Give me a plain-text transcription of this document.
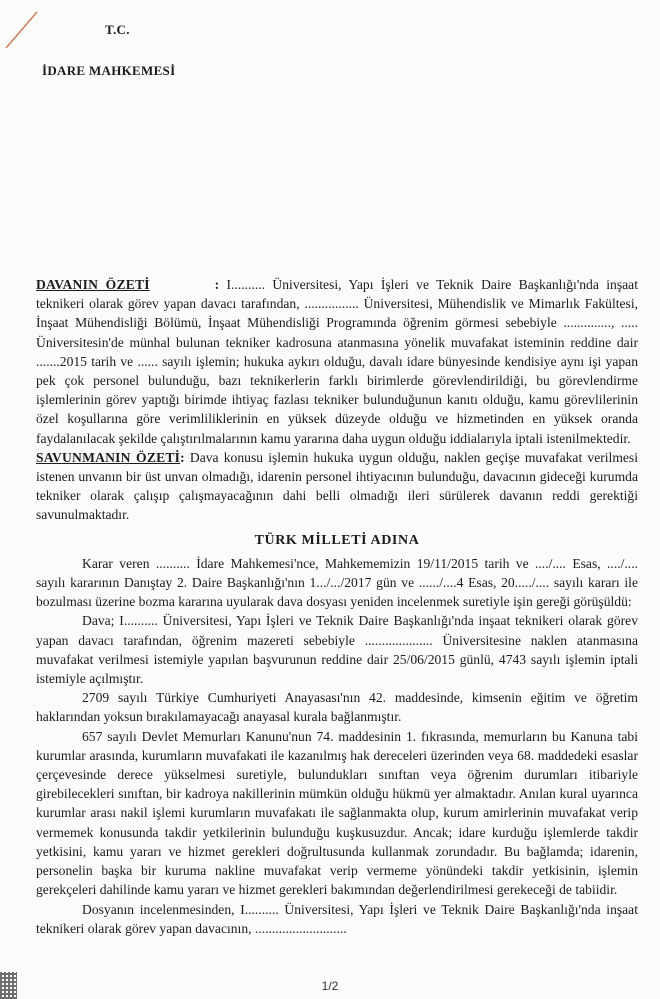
T.C.
İDARE MAHKEMESİ

DAVANIN ÖZETİ	: I.......... Üniversitesi, Yapı İşleri ve Teknik Daire Başkanlığı'nda inşaat teknikeri olarak görev yapan davacı tarafından, ................ Üniversitesi, Mühendislik ve Mimarlık Fakültesi, İnşaat Mühendisliği Bölümü, İnşaat Mühendisliği Programında öğrenim görmesi sebebiyle .............., ..... Üniversitesin'de münhal bulunan tekniker kadrosuna atanmasına yönelik muvafakat isteminin reddine dair .......2015 tarih ve ...... sayılı işlemin; hukuka aykırı olduğu, davalı idare bünyesinde kendisiye aynı işi yapan pek çok personel bulunduğu, bazı teknikerlerin farklı birimlerde görevlendirildiği, bu görevlendirme işlemlerinin görev yaptığı birimde ihtiyaç fazlası tekniker bulunduğunun kanıtı olduğu, kamu görevlilerinin özel koşullarına göre verimliliklerinin en yüksek düzeyde olduğu ve hizmetinden en yüksek oranda faydalanılacak şekilde çalıştırılmalarının kamu yararına daha uygun olduğu iddialarıyla iptali istenilmektedir.

SAVUNMANIN ÖZETİ: Dava konusu işlemin hukuka uygun olduğu, naklen geçişe muvafakat verilmesi istenen unvanın bir üst unvan olmadığı, idarenin personel ihtiyacının bulunduğu, davacının gideceği kurumda tekniker olarak çalışıp çalışmayacağının dahi belli olmadığı ileri sürülerek davanın reddi gerektiği savunulmaktadır.

TÜRK MİLLETİ ADINA

Karar veren .......... İdare Mahkemesi'nce, Mahkememizin 19/11/2015 tarih ve ..../.... Esas, ..../.... sayılı kararının Danıştay 2. Daire Başkanlığı'nın 1.../.../2017 gün ve ....../....4 Esas, 20...../.... sayılı kararı ile bozulması üzerine bozma kararına uyularak dava dosyası yeniden incelenmek suretiyle işin gereği görüşüldü:

Dava; I.......... Üniversitesi, Yapı İşleri ve Teknik Daire Başkanlığı'nda inşaat teknikeri olarak görev yapan davacı tarafından, öğrenim mazereti sebebiyle .................... Üniversitesine naklen atanmasına muvafakat verilmesi istemiyle yapılan başvurunun reddine dair 25/06/2015 günlü, 4743 sayılı işlemin iptali istemiyle açılmıştır.

2709 sayılı Türkiye Cumhuriyeti Anayasası'nın 42. maddesinde, kimsenin eğitim ve öğretim haklarından yoksun bırakılamayacağı anayasal kurala bağlanmıştır.

657 sayılı Devlet Memurları Kanunu'nun 74. maddesinin 1. fıkrasında, memurların bu Kanuna tabi kurumlar arasında, kurumların muvafakati ile kazanılmış hak dereceleri üzerinden veya 68. maddedeki esaslar çerçevesinde derece yükselmesi suretiyle, bulundukları sınıftan veya öğrenim durumları itibariyle girebilecekleri sınıftan, bir kadroya nakillerinin mümkün olduğu hükmü yer almaktadır. Anılan kural uyarınca kurumlar arası nakil işlemi kurumların muvafakatı ile sağlanmakta olup, kurum amirlerinin muvafakat verip vermemek konusunda takdir yetkilerinin bulunduğu kuşkusuzdur. Ancak; idare kurduğu işlemlerde takdir yetkisini, kamu yararı ve hizmet gerekleri doğrultusunda kullanmak zorundadır. Bu bağlamda; idarenin, personelin başka bir kuruma nakline muvafakat verip vermeme yönündeki takdir yetkisinin, işlemin gerekçeleri dahilinde kamu yararı ve hizmet gerekleri bakımından değerlendirilmesi gerekeceği de tabiidir.

Dosyanın incelenmesinden, I.......... Üniversitesi, Yapı İşleri ve Teknik Daire Başkanlığı'nda inşaat teknikeri olarak görev yapan davacının, ...........................

1/2
